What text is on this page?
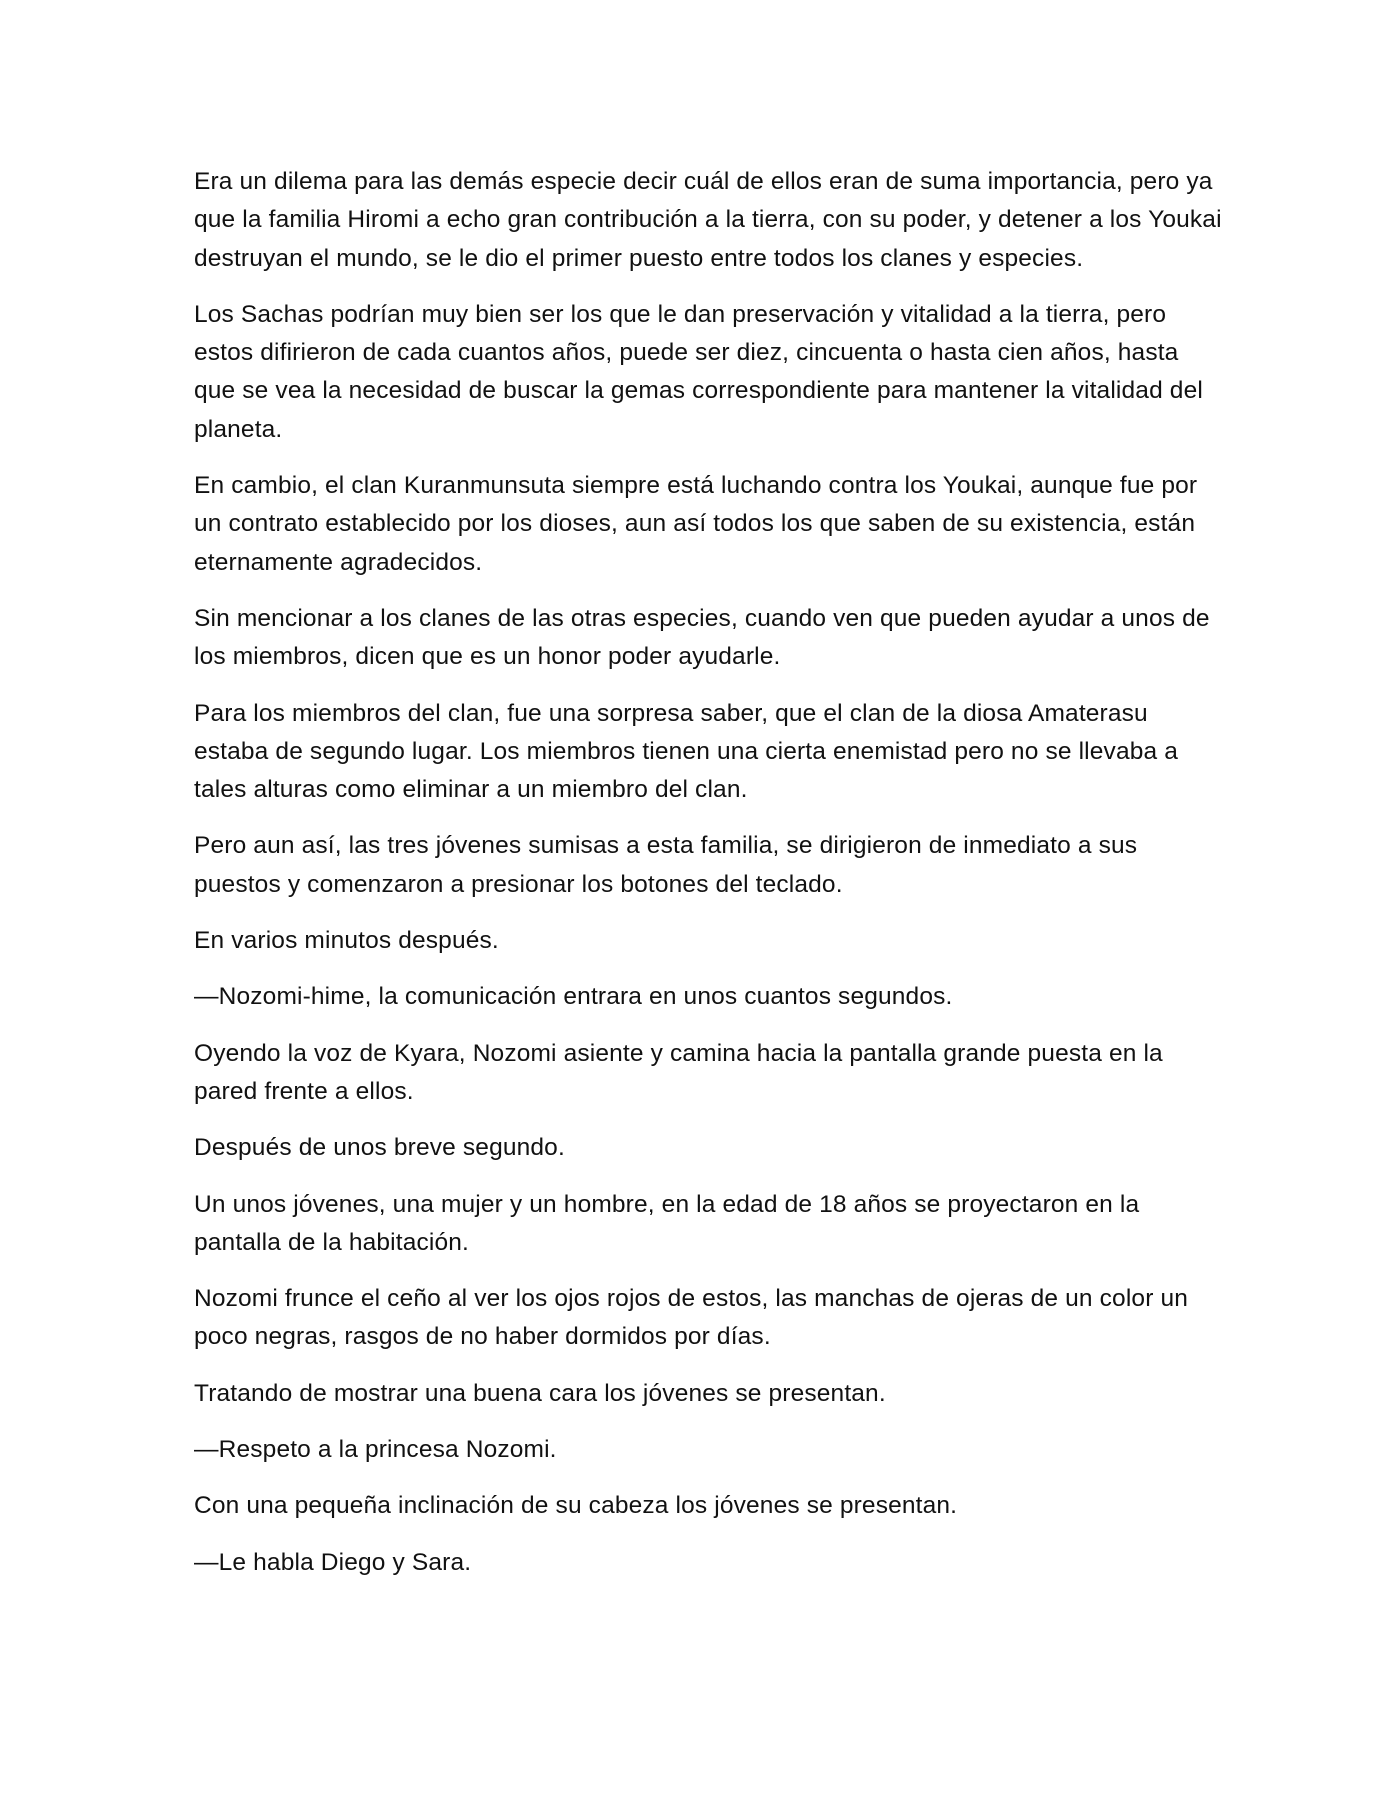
Era un dilema para las demás especie decir cuál de ellos eran de suma importancia, pero ya que la familia Hiromi a echo gran contribución a la tierra, con su poder, y detener a los Youkai destruyan el mundo, se le dio el primer puesto entre todos los clanes y especies.

Los Sachas podrían muy bien ser los que le dan preservación y vitalidad a la tierra, pero estos difirieron de cada cuantos años, puede ser diez, cincuenta o hasta cien años, hasta que se vea la necesidad de buscar la gemas correspondiente para mantener la vitalidad del planeta.

En cambio, el clan Kuranmunsuta siempre está luchando contra los Youkai, aunque fue por un contrato establecido por los dioses, aun así todos los que saben de su existencia, están eternamente agradecidos.

Sin mencionar a los clanes de las otras especies, cuando ven que pueden ayudar a unos de los miembros, dicen que es un honor poder ayudarle.

Para los miembros del clan, fue una sorpresa saber, que el clan de la diosa Amaterasu estaba de segundo lugar. Los miembros tienen una cierta enemistad pero no se llevaba a tales alturas como eliminar a un miembro del clan.

Pero aun así, las tres jóvenes sumisas a esta familia, se dirigieron de inmediato a sus puestos y comenzaron a presionar los botones del teclado.

En varios minutos después.

—Nozomi-hime, la comunicación entrara en unos cuantos segundos.

Oyendo la voz de Kyara, Nozomi asiente y camina hacia la pantalla grande puesta en la pared frente a ellos.

Después de unos breve segundo.

Un unos jóvenes, una mujer y un hombre, en la edad de 18 años se proyectaron en la pantalla de la habitación.

Nozomi frunce el ceño al ver los ojos rojos de estos, las manchas de ojeras de un color un poco negras, rasgos de no haber dormidos por días.

Tratando de mostrar una buena cara los jóvenes se presentan.

—Respeto a la princesa Nozomi.

Con una pequeña inclinación de su cabeza los jóvenes se presentan.

—Le habla Diego y Sara.
